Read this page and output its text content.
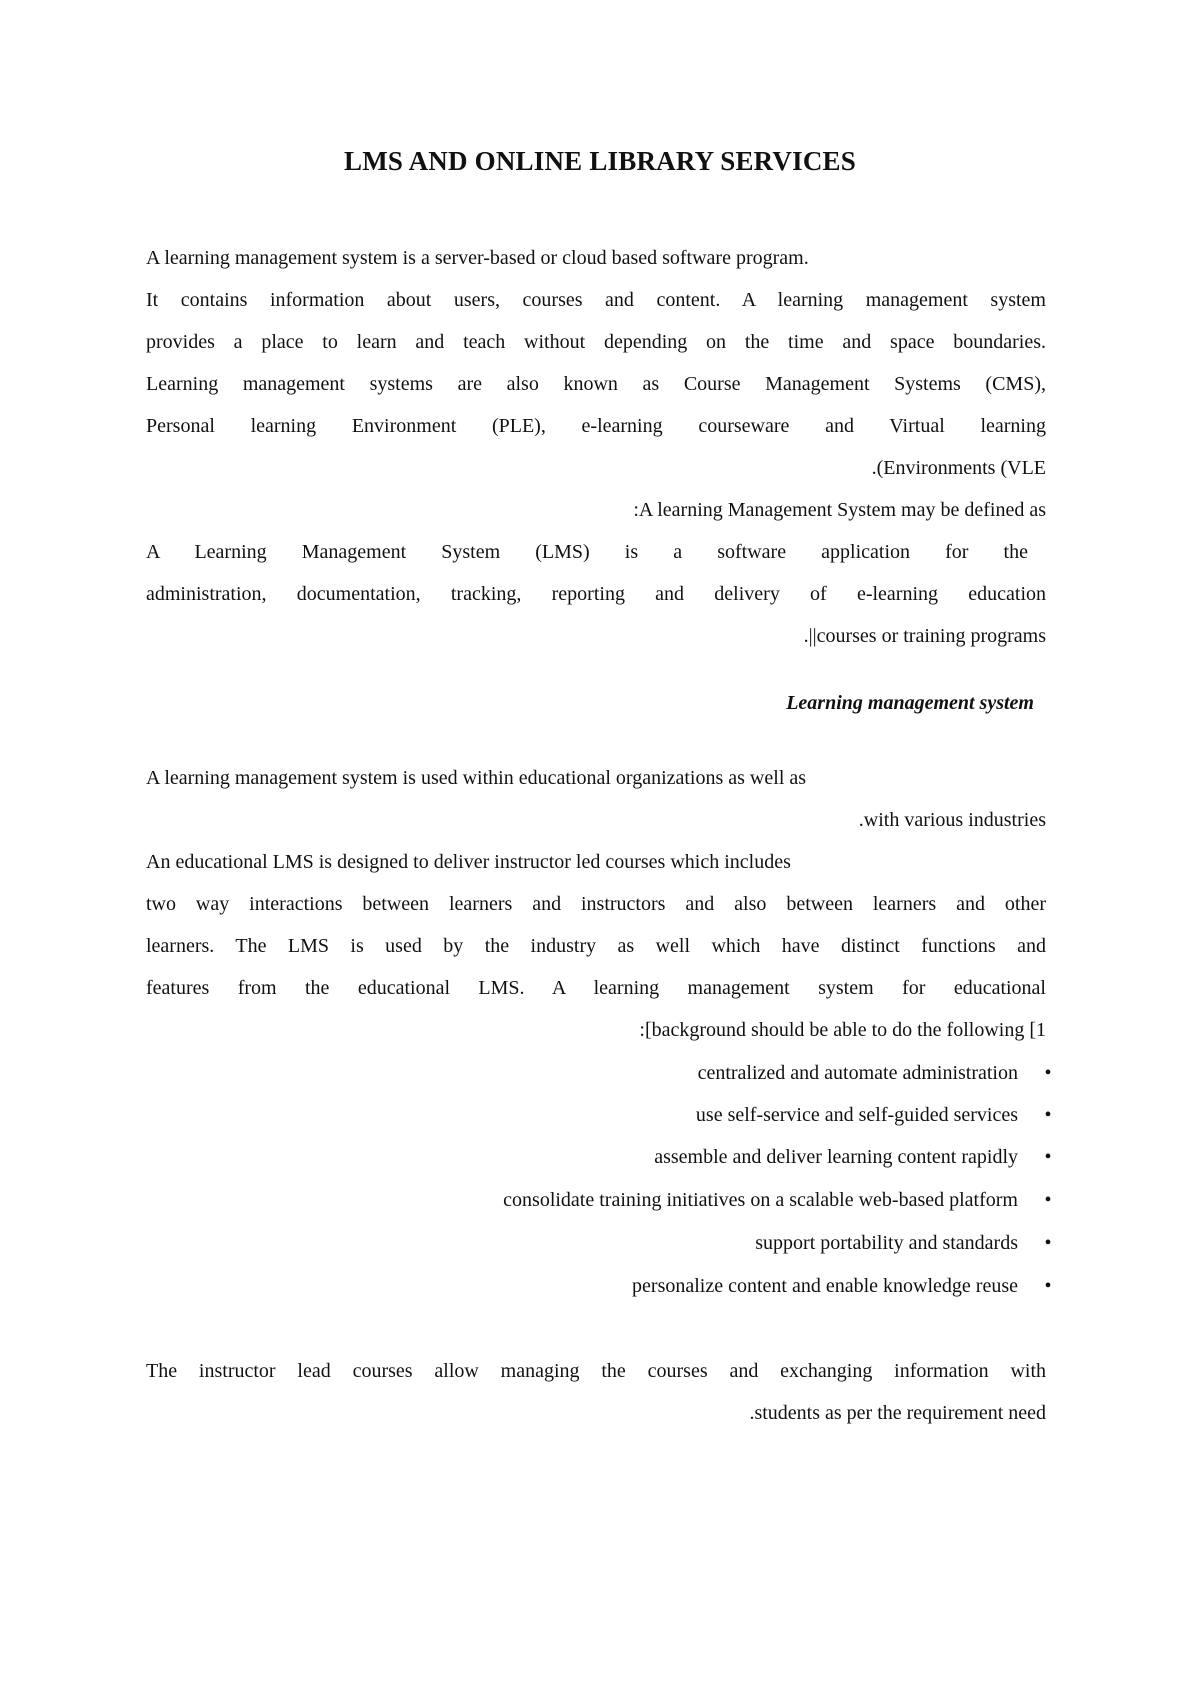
LMS AND ONLINE LIBRARY SERVICES
A learning management system is a server-based or cloud based software program.
It contains information about users, courses and content. A learning management system
provides a place to learn and teach without depending on the time and space boundaries.
Learning management systems are also known as Course Management Systems (CMS),
Personal learning Environment (PLE), e-learning courseware and Virtual learning
.(Environments (VLE
:A learning Management System may be defined as
A Learning Management System (LMS) is a software application for the
administration, documentation, tracking, reporting and delivery of e-learning education
.||courses or training programs
Learning management system
A learning management system is used within educational organizations as well as
.with various industries
An educational LMS is designed to deliver instructor led courses which includes
two way interactions between learners and instructors and also between learners and other
learners. The LMS is used by the industry as well which have distinct functions and
features from the educational LMS. A learning management system for educational
:[background should be able to do the following [1
centralized and automate administration	•
use self-service and self-guided services	•
assemble and deliver learning content rapidly	•
consolidate training initiatives on a scalable web-based platform	•
support portability and standards	•
personalize content and enable knowledge reuse	•
The instructor lead courses allow managing the courses and exchanging information with
.students as per the requirement need
